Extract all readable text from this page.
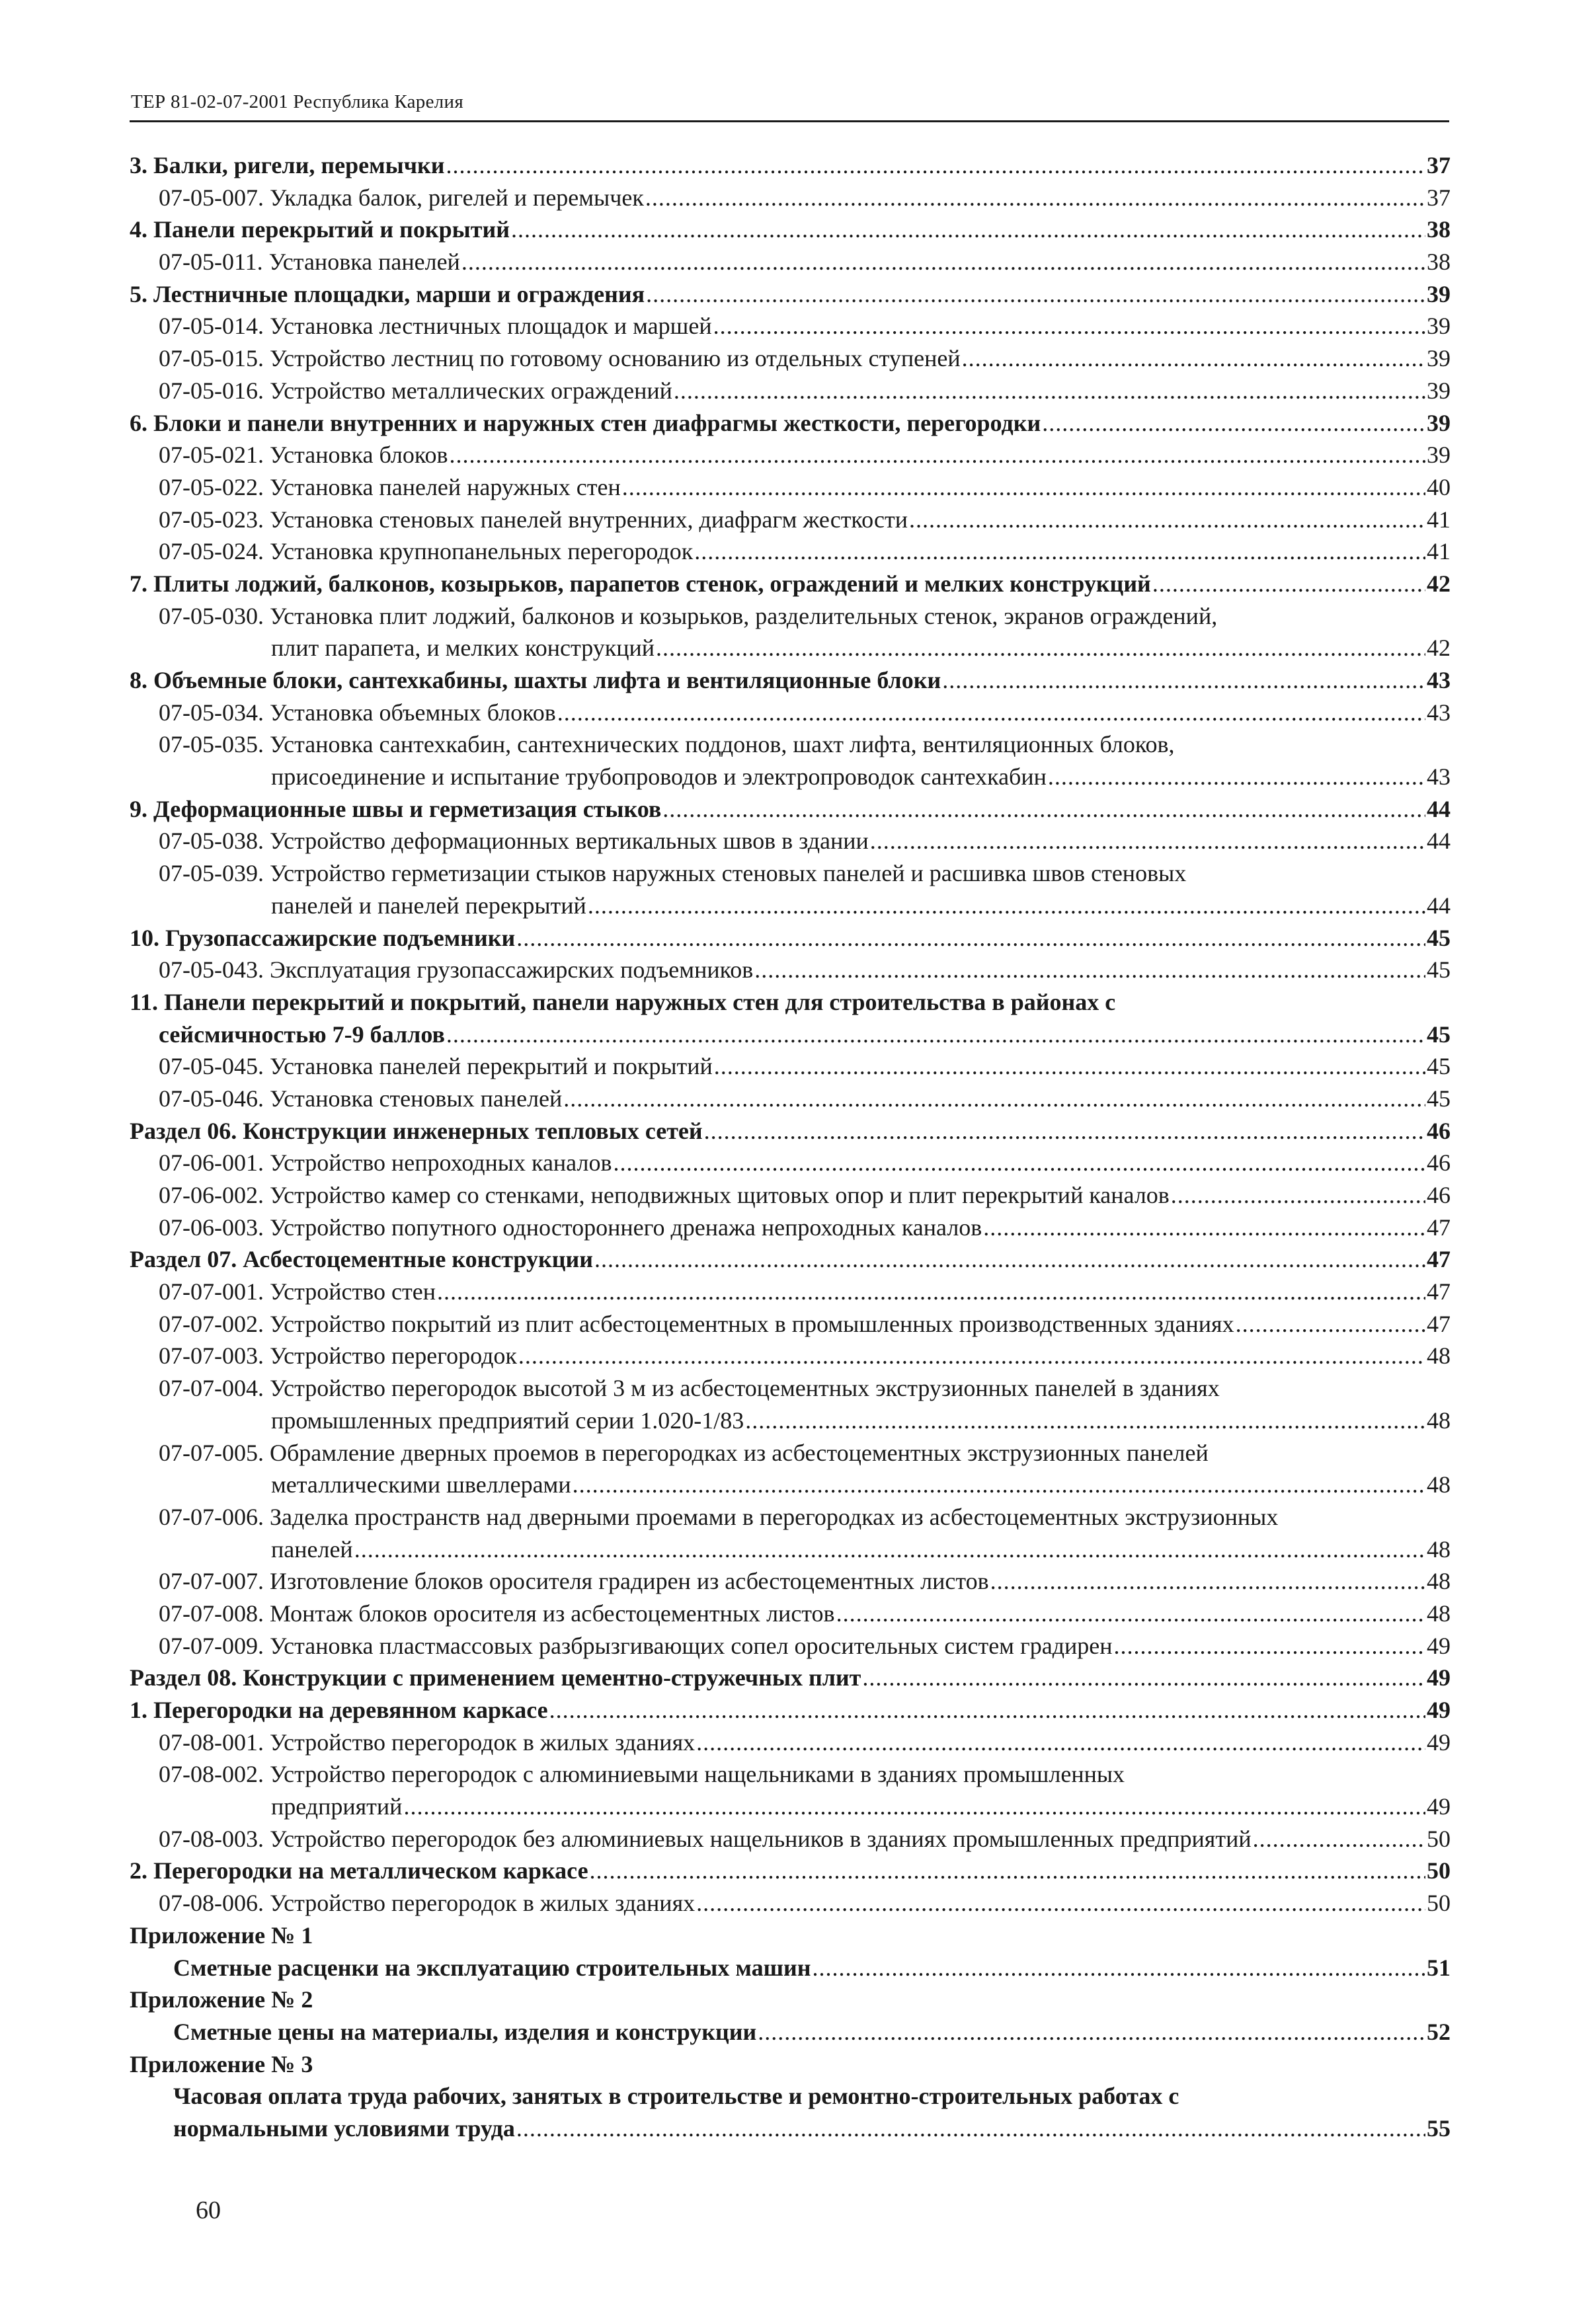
ТЕР 81-02-07-2001 Республика Карелия
3. Балки, ригели, перемычки . . .	37
07-05-007. Укладка балок, ригелей и перемычек . . .	37
4. Панели перекрытий и покрытий . . .	38
07-05-011. Установка панелей . . .	38
5. Лестничные площадки, марши и ограждения . . .	39
07-05-014. Установка лестничных площадок и маршей . . .	39
07-05-015. Устройство лестниц по готовому основанию из отдельных ступеней . . .	39
07-05-016. Устройство металлических ограждений . . .	39
6. Блоки и панели внутренних и наружных стен диафрагмы жесткости, перегородки . . .	39
07-05-021. Установка блоков . . .	39
07-05-022. Установка панелей наружных стен . . .	40
07-05-023. Установка стеновых панелей внутренних, диафрагм жесткости . . .	41
07-05-024. Установка крупнопанельных перегородок . . .	41
7. Плиты лоджий, балконов, козырьков, парапетов стенок, ограждений и мелких конструкций . . .	42
07-05-030. Установка плит лоджий, балконов и козырьков, разделительных стенок, экранов ограждений,
плит парапета, и мелких конструкций . . .	42
8. Объемные блоки, сантехкабины, шахты лифта и вентиляционные блоки . . .	43
07-05-034. Установка объемных блоков . . .	43
07-05-035. Установка сантехкабин, сантехнических поддонов, шахт лифта, вентиляционных блоков,
присоединение и испытание трубопроводов и электропроводок сантехкабин . . .	43
9. Деформационные швы и герметизация стыков . . .	44
07-05-038. Устройство деформационных вертикальных швов в здании . . .	44
07-05-039. Устройство герметизации стыков наружных стеновых панелей и расшивка швов стеновых
панелей и панелей перекрытий . . .	44
10. Грузопассажирские подъемники . . .	45
07-05-043. Эксплуатация грузопассажирских подъемников . . .	45
11. Панели перекрытий и покрытий, панели наружных стен для строительства в районах с
сейсмичностью 7-9 баллов . . .	45
07-05-045. Установка панелей перекрытий и покрытий . . .	45
07-05-046. Установка стеновых панелей . . .	45
Раздел 06. Конструкции инженерных тепловых сетей . . .	46
07-06-001. Устройство непроходных каналов . . .	46
07-06-002. Устройство камер со стенками, неподвижных щитовых опор и плит перекрытий каналов . . .	46
07-06-003. Устройство попутного одностороннего дренажа непроходных каналов . . .	47
Раздел 07. Асбестоцементные конструкции . . .	47
07-07-001. Устройство стен . . .	47
07-07-002. Устройство покрытий из плит асбестоцементных в промышленных производственных зданиях . . .	47
07-07-003. Устройство перегородок . . .	48
07-07-004. Устройство перегородок высотой 3 м из асбестоцементных экструзионных панелей в зданиях
промышленных предприятий серии 1.020-1/83 . . .	48
07-07-005. Обрамление дверных проемов в перегородках из асбестоцементных экструзионных панелей
металлическими швеллерами . . .	48
07-07-006. Заделка пространств над дверными проемами в перегородках из асбестоцементных экструзионных
панелей . . .	48
07-07-007. Изготовление блоков оросителя градирен из асбестоцементных листов . . .	48
07-07-008. Монтаж блоков оросителя из асбестоцементных листов . . .	48
07-07-009. Установка пластмассовых разбрызгивающих сопел оросительных систем градирен . . .	49
Раздел 08. Конструкции с применением цементно-стружечных плит . . .	49
1. Перегородки на деревянном каркасе . . .	49
07-08-001. Устройство перегородок в жилых зданиях . . .	49
07-08-002. Устройство перегородок с алюминиевыми нащельниками в зданиях промышленных
предприятий . . .	49
07-08-003. Устройство перегородок без алюминиевых нащельников в зданиях промышленных предприятий . . .	50
2. Перегородки на металлическом каркасе . . .	50
07-08-006. Устройство перегородок в жилых зданиях . . .	50
Приложение № 1
Сметные расценки на эксплуатацию строительных машин . . .	51
Приложение № 2
Сметные цены на материалы, изделия и конструкции . . .	52
Приложение № 3
Часовая оплата труда рабочих, занятых в строительстве и ремонтно-строительных работах с
нормальными условиями труда . . .	55
60
